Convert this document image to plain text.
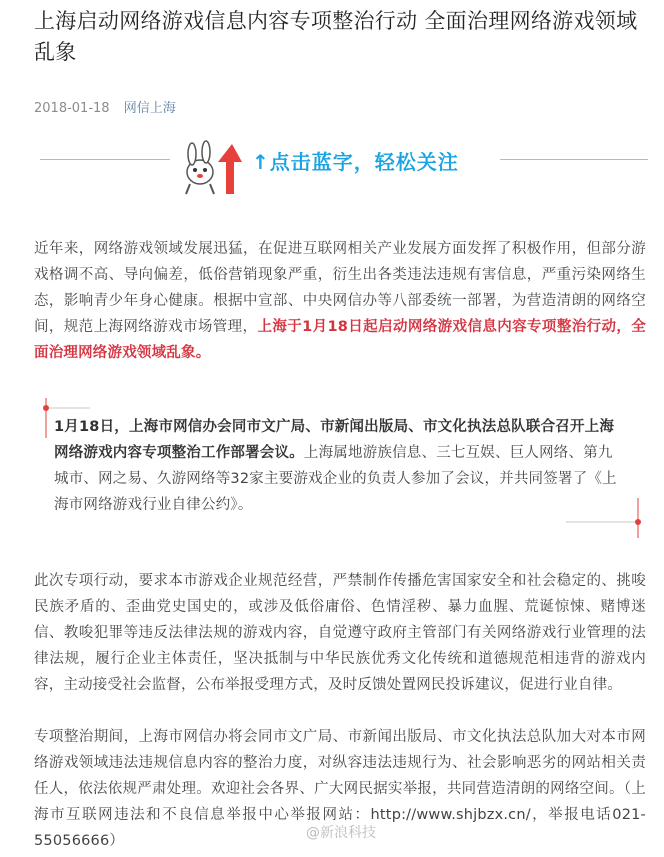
上海启动网络游戏信息内容专项整治行动 全面治理网络游戏领域乱象
2018-01-18 网信上海
↑点击蓝字，轻松关注
近年来，网络游戏领域发展迅猛，在促进互联网相关产业发展方面发挥了积极作用，但部分游戏格调不高、导向偏差，低俗营销现象严重，衍生出各类违法违规有害信息，严重污染网络生态，影响青少年身心健康。根据中宣部、中央网信办等八部委统一部署，为营造清朗的网络空间，规范上海网络游戏市场管理，上海于1月18日起启动网络游戏信息内容专项整治行动，全面治理网络游戏领域乱象。
1月18日，上海市网信办会同市文广局、市新闻出版局、市文化执法总队联合召开上海网络游戏内容专项整治工作部署会议。上海属地游族信息、三七互娱、巨人网络、第九城市、网之易、久游网络等32家主要游戏企业的负责人参加了会议，并共同签署了《上海市网络游戏行业自律公约》。
此次专项行动，要求本市游戏企业规范经营，严禁制作传播危害国家安全和社会稳定的、挑唆民族矛盾的、歪曲党史国史的，或涉及低俗庸俗、色情淫秽、暴力血腥、荒诞惊悚、赌博迷信、教唆犯罪等违反法律法规的游戏内容，自觉遵守政府主管部门有关网络游戏行业管理的法律法规，履行企业主体责任，坚决抵制与中华民族优秀文化传统和道德规范相违背的游戏内容，主动接受社会监督，公布举报受理方式，及时反馈处置网民投诉建议，促进行业自律。
专项整治期间，上海市网信办将会同市文广局、市新闻出版局、市文化执法总队加大对本市网络游戏领域违法违规信息内容的整治力度，对纵容违法违规行为、社会影响恶劣的网站相关责任人，依法依规严肃处理。欢迎社会各界、广大网民据实举报，共同营造清朗的网络空间。（上海市互联网违法和不良信息举报中心举报网站：http://www.shjbzx.cn/，举报电话021-55056666）	@新浪科技
